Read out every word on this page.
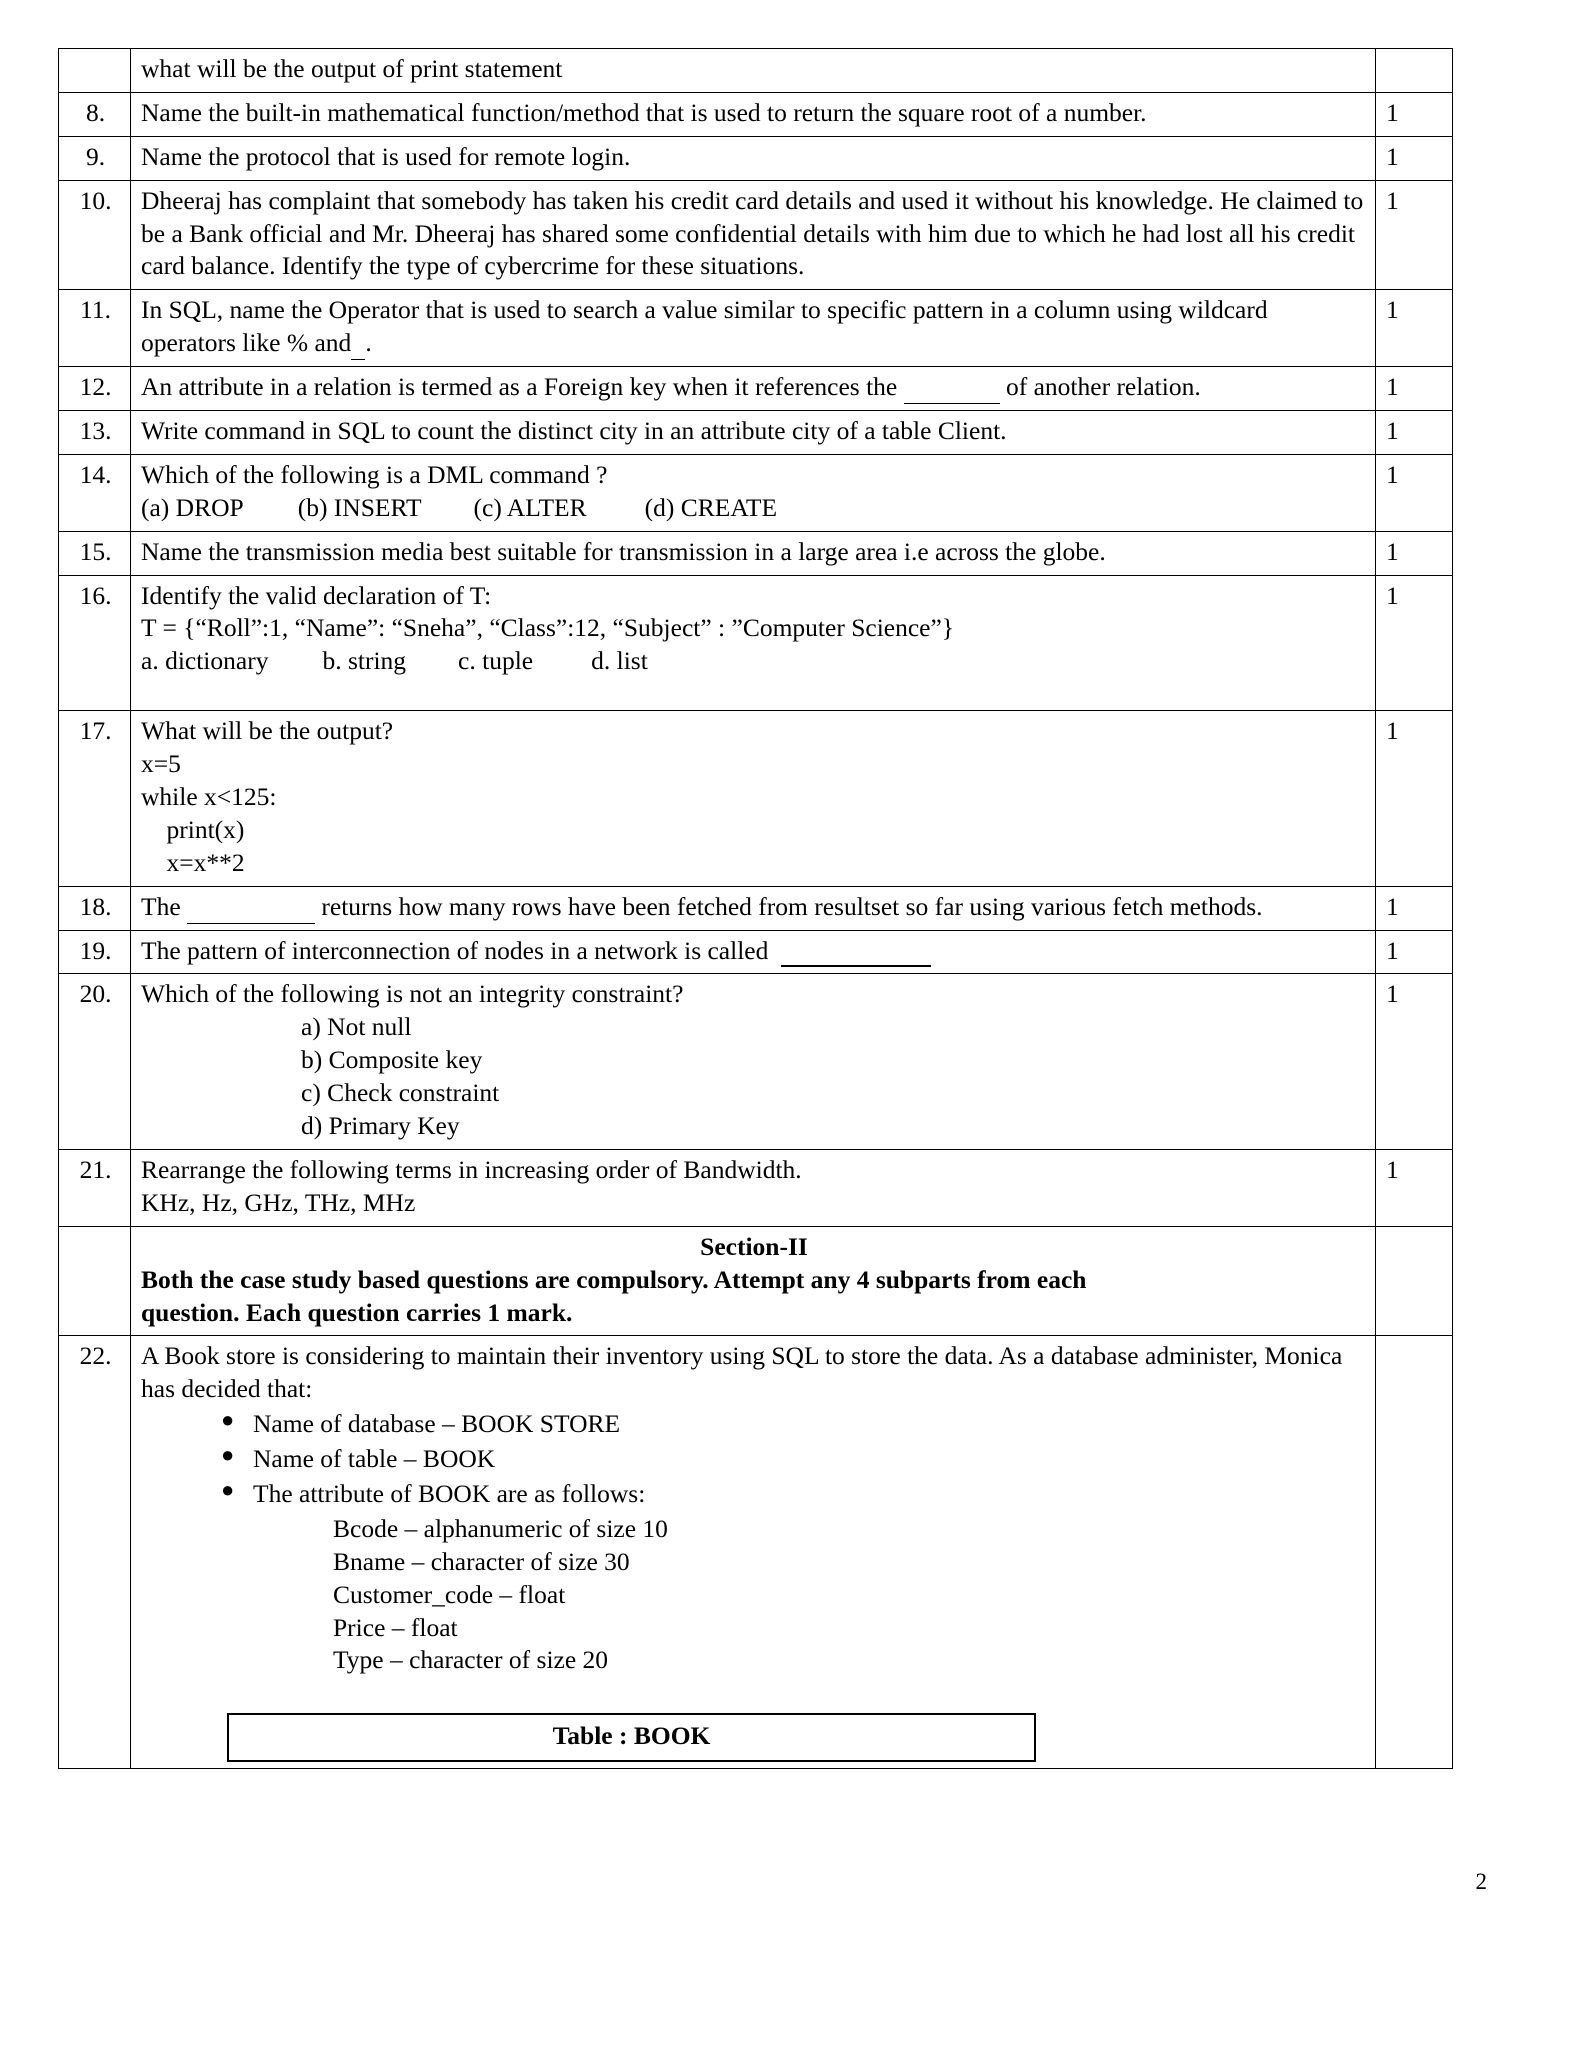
	what will be the output of print statement	

8.	Name the built-in mathematical function/method that is used to return the square root of a number.	1
9.	Name the protocol that is used for remote login.	1
10.	Dheeraj has complaint that somebody has taken his credit card details and used it without his knowledge. He claimed to be a Bank official and Mr. Dheeraj has shared some confidential details with him due to which he had lost all his credit card balance. Identify the type of cybercrime for these situations.	1
11.	In SQL, name the Operator that is used to search a value similar to specific pattern in a column using wildcard operators like % and .	1
12.	An attribute in a relation is termed as a Foreign key when it references the of another relation.	1
13.	Write command in SQL to count the distinct city in an attribute city of a table Client.	1
14.	Which of the following is a DML command ?

(a) DROP (b) INSERT (c) ALTER (d) CREATE	1
15.	Name the transmission media best suitable for transmission in a large area i.e across the globe.	1
16.	Identify the valid declaration of T:

T = {“Roll”:1, “Name”: “Sneha”, “Class”:12, “Subject” : ”Computer Science”}

a. dictionary b. string c. tuple d. list	1
17.	What will be the output?

x=5

while x<125:

print(x)

x=x**2	1
18.	The returns how many rows have been fetched from resultset so far using various fetch methods.	1
19.	The pattern of interconnection of nodes in a network is called	1
20.	Which of the following is not an integrity constraint?

a) Not null

b) Composite key

c) Check constraint

d) Primary Key	1
21.	Rearrange the following terms in increasing order of Bandwidth.

KHz, Hz, GHz, THz, MHz	1

	Section-II

Both the case study based questions are compulsory. Attempt any 4 subparts from each

question. Each question carries 1 mark.	

22.	A Book store is considering to maintain their inventory using SQL to store the data. As a database administer, Monica has decided that:

● Name of database – BOOK STORE
● Name of table – BOOK
● The attribute of BOOK are as follows:

Bcode – alphanumeric of size 10

Bname – character of size 30

Customer_code – float

Price – float

Type – character of size 20

Table : BOOK

2
